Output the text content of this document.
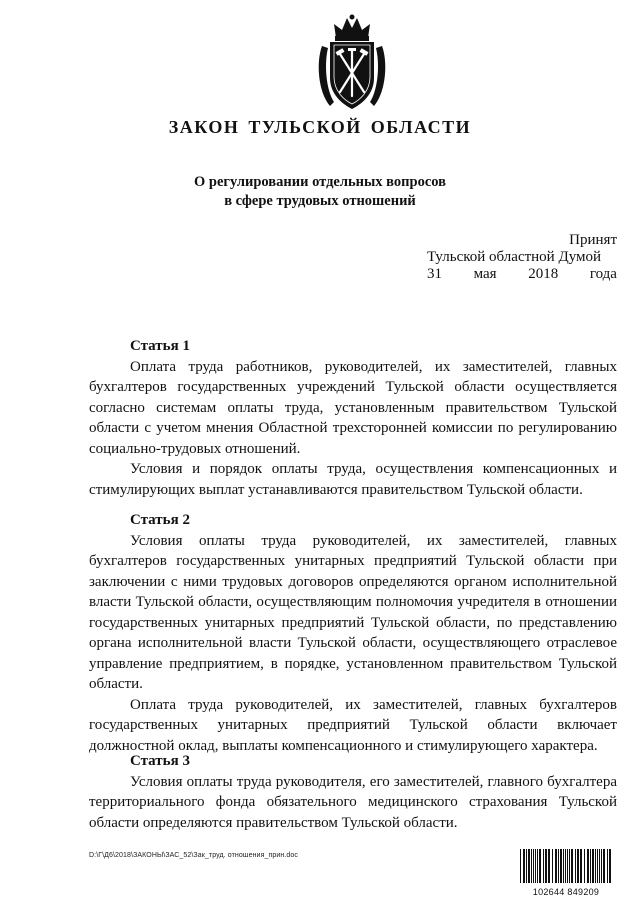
ЗАКОН ТУЛЬСКОЙ ОБЛАСТИ
О регулировании отдельных вопросов
в сфере трудовых отношений
Принят
Тульской областной Думой
31 мая 2018 года
Статья 1

Оплата труда работников, руководителей, их заместителей, главных бухгалтеров государственных учреждений Тульской области осуществляется согласно системам оплаты труда, установленным правительством Тульской области с учетом мнения Областной трехсторонней комиссии по регулированию социально-трудовых отношений.

Условия и порядок оплаты труда, осуществления компенсационных и стимулирующих выплат устанавливаются правительством Тульской области.

Статья 2

Условия оплаты труда руководителей, их заместителей, главных бухгалтеров государственных унитарных предприятий Тульской области при заключении с ними трудовых договоров определяются органом исполнительной власти Тульской области, осуществляющим полномочия учредителя в отношении государственных унитарных предприятий Тульской области, по представлению органа исполнительной власти Тульской области, осуществляющего отраслевое управление предприятием, в порядке, установленном правительством Тульской области.

Оплата труда руководителей, их заместителей, главных бухгалтеров государственных унитарных предприятий Тульской области включает должностной оклад, выплаты компенсационного и стимулирующего характера.

Статья 3

Условия оплаты труда руководителя, его заместителей, главного бухгалтера территориального фонда обязательного медицинского страхования Тульской области определяются правительством Тульской области.

D:\Г\Д6\2018\ЗАКОНЫ\ЗАС_52\Зак_труд. отношения_прин.doc
102644 849209
